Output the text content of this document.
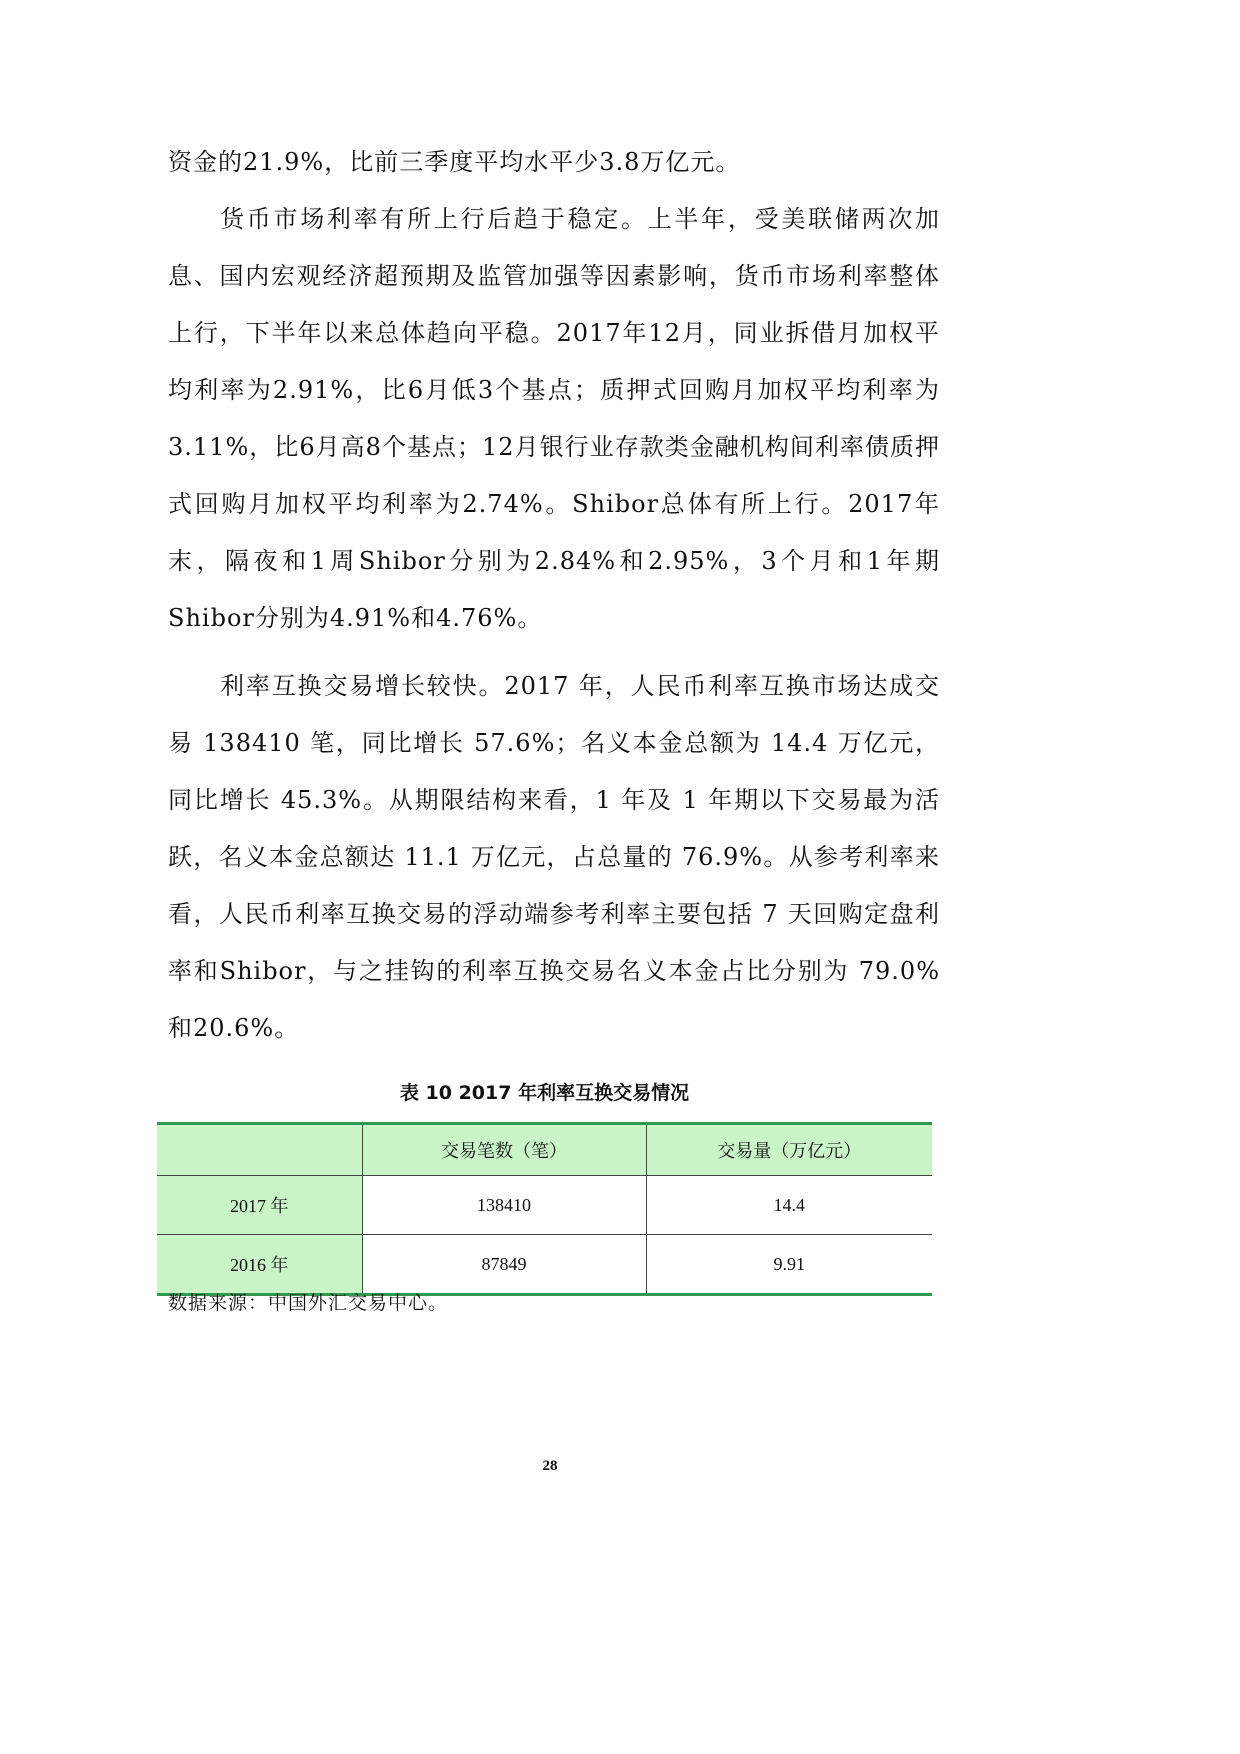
资金的21.9%，比前三季度平均水平少3.8万亿元。

货币市场利率有所上行后趋于稳定。上半年，受美联储两次加息、国内宏观经济超预期及监管加强等因素影响，货币市场利率整体上行，下半年以来总体趋向平稳。2017年12月，同业拆借月加权平均利率为2.91%，比6月低3个基点；质押式回购月加权平均利率为3.11%，比6月高8个基点；12月银行业存款类金融机构间利率债质押式回购月加权平均利率为2.74%。Shibor总体有所上行。2017年末，隔夜和1周Shibor分别为2.84%和2.95%，3个月和1年期Shibor分别为4.91%和4.76%。

利率互换交易增长较快。2017 年，人民币利率互换市场达成交易 138410 笔，同比增长 57.6%；名义本金总额为 14.4 万亿元，同比增长 45.3%。从期限结构来看，1 年及 1 年期以下交易最为活跃，名义本金总额达 11.1 万亿元，占总量的 76.9%。从参考利率来看，人民币利率互换交易的浮动端参考利率主要包括 7 天回购定盘利率和Shibor，与之挂钩的利率互换交易名义本金占比分别为 79.0%和20.6%。

表 10 2017 年利率互换交易情况
	交易笔数（笔）	交易量（万亿元）
2017 年	138410	14.4
2016 年	87849	9.91
数据来源：中国外汇交易中心。
28
